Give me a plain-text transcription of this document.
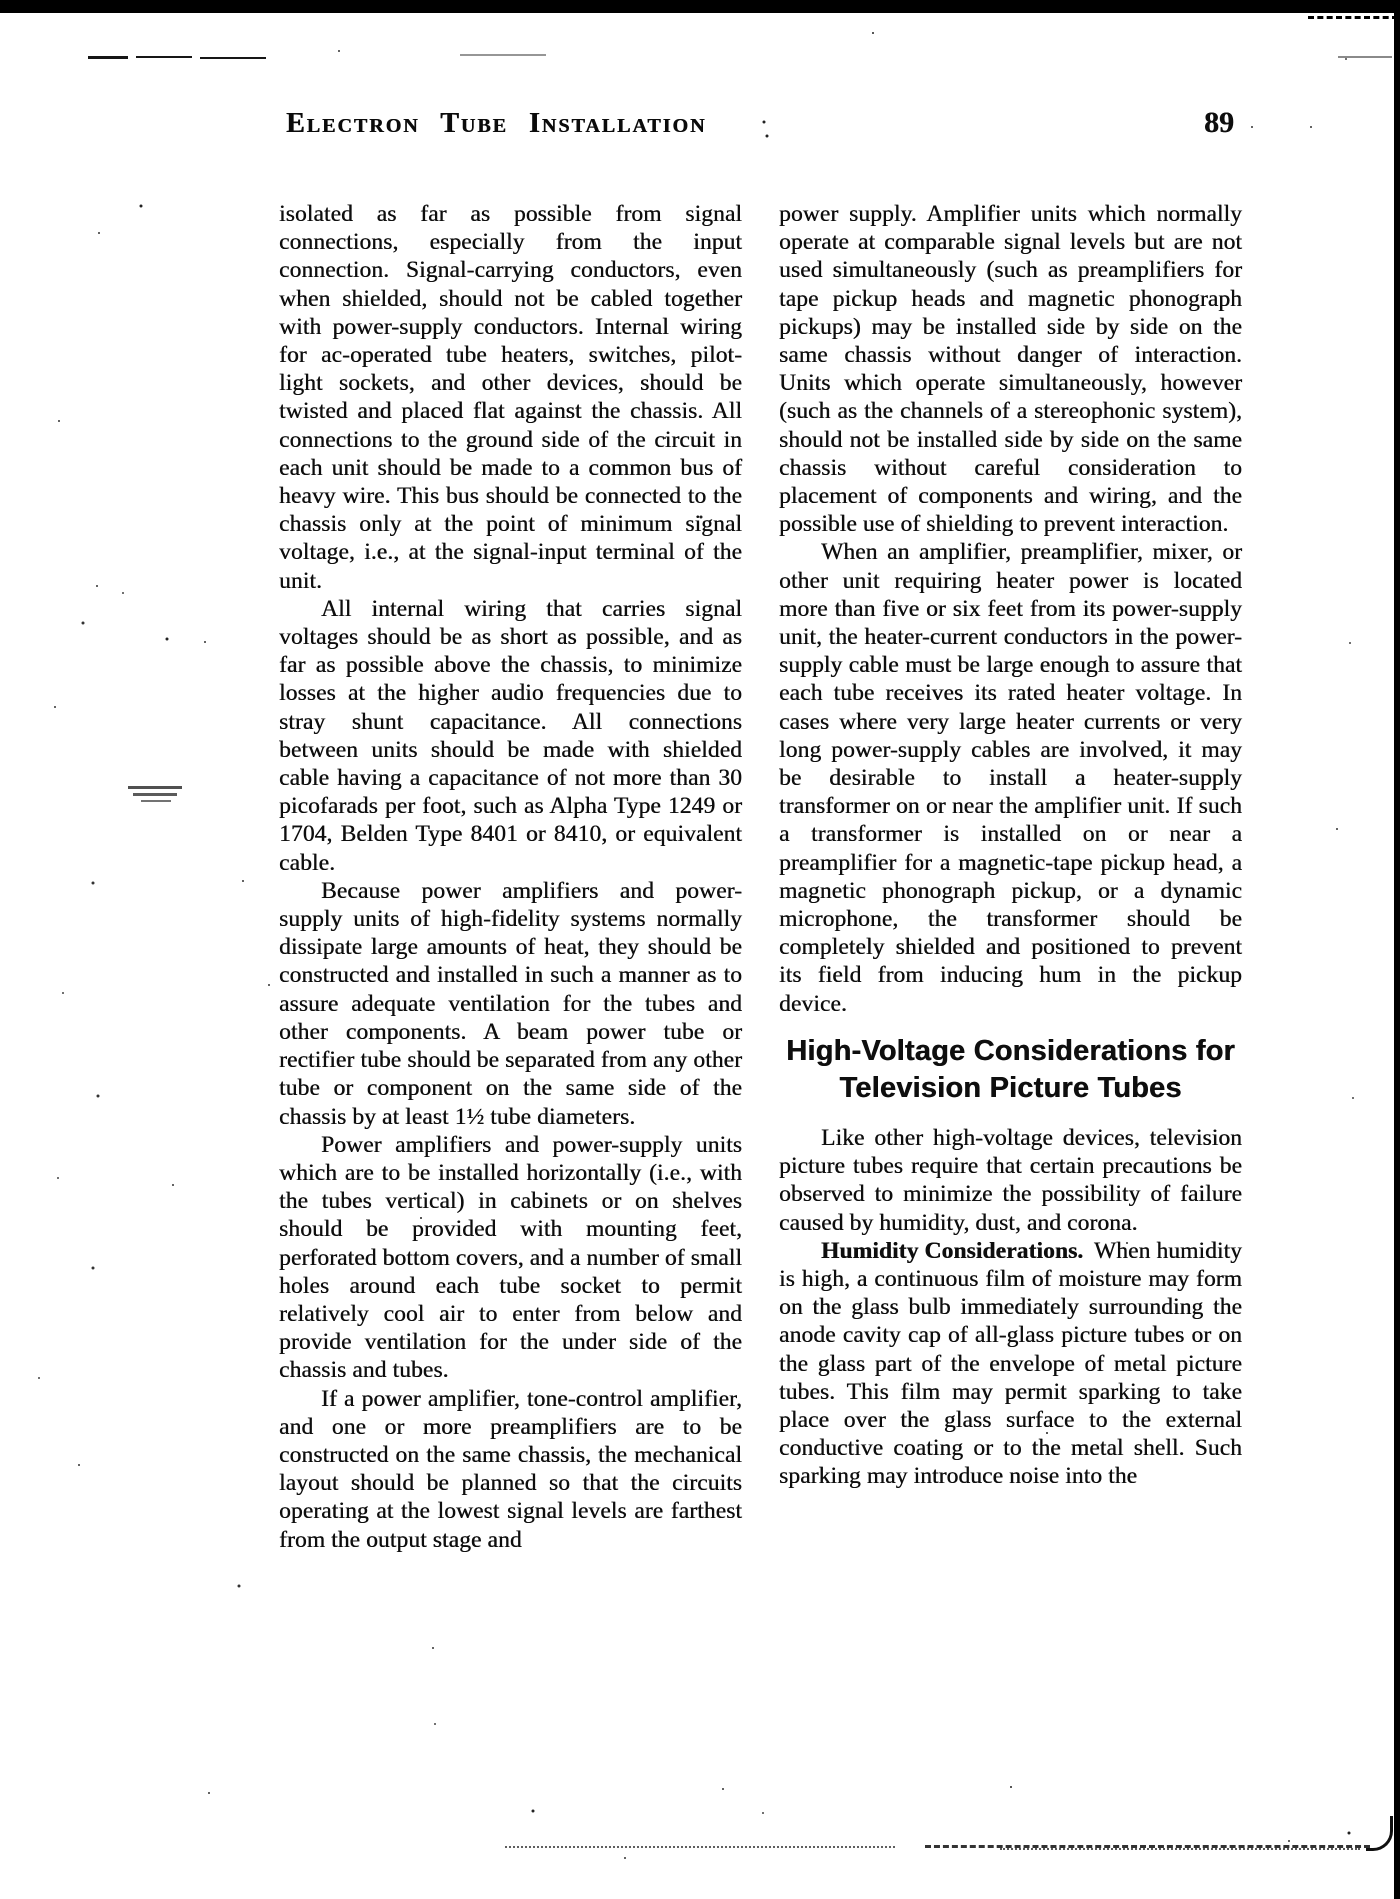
Electron Tube Installation	89

isolated as far as possible from signal connections, especially from the input connection. Signal-carrying conductors, even when shielded, should not be cabled together with power-supply conductors. Internal wiring for ac-operated tube heaters, switches, pilot-light sockets, and other devices, should be twisted and placed flat against the chassis. All connections to the ground side of the circuit in each unit should be made to a common bus of heavy wire. This bus should be connected to the chassis only at the point of minimum signal voltage, i.e., at the signal-input terminal of the unit.

All internal wiring that carries signal voltages should be as short as possible, and as far as possible above the chassis, to minimize losses at the higher audio frequencies due to stray shunt capacitance. All connections between units should be made with shielded cable having a capacitance of not more than 30 picofarads per foot, such as Alpha Type 1249 or 1704, Belden Type 8401 or 8410, or equivalent cable.

Because power amplifiers and power-supply units of high-fidelity systems normally dissipate large amounts of heat, they should be constructed and installed in such a manner as to assure adequate ventilation for the tubes and other components. A beam power tube or rectifier tube should be separated from any other tube or component on the same side of the chassis by at least 1½ tube diameters.

Power amplifiers and power-supply units which are to be installed horizontally (i.e., with the tubes vertical) in cabinets or on shelves should be provided with mounting feet, perforated bottom covers, and a number of small holes around each tube socket to permit relatively cool air to enter from below and provide ventilation for the under side of the chassis and tubes.

If a power amplifier, tone-control amplifier, and one or more preamplifiers are to be constructed on the same chassis, the mechanical layout should be planned so that the circuits operating at the lowest signal levels are farthest from the output stage and

power supply. Amplifier units which normally operate at comparable signal levels but are not used simultaneously (such as preamplifiers for tape pickup heads and magnetic phonograph pickups) may be installed side by side on the same chassis without danger of interaction. Units which operate simultaneously, however (such as the channels of a stereophonic system), should not be installed side by side on the same chassis without careful consideration to placement of components and wiring, and the possible use of shielding to prevent interaction.

When an amplifier, preamplifier, mixer, or other unit requiring heater power is located more than five or six feet from its power-supply unit, the heater-current conductors in the power-supply cable must be large enough to assure that each tube receives its rated heater voltage. In cases where very large heater currents or very long power-supply cables are involved, it may be desirable to install a heater-supply transformer on or near the amplifier unit. If such a transformer is installed on or near a preamplifier for a magnetic-tape pickup head, a magnetic phonograph pickup, or a dynamic microphone, the transformer should be completely shielded and positioned to prevent its field from inducing hum in the pickup device.

High-Voltage Considerations for
Television Picture Tubes

Like other high-voltage devices, television picture tubes require that certain precautions be observed to minimize the possibility of failure caused by humidity, dust, and corona.

Humidity Considerations. When humidity is high, a continuous film of moisture may form on the glass bulb immediately surrounding the anode cavity cap of all-glass picture tubes or on the glass part of the envelope of metal picture tubes. This film may permit sparking to take place over the glass surface to the external conductive coating or to the metal shell. Such sparking may introduce noise into the
